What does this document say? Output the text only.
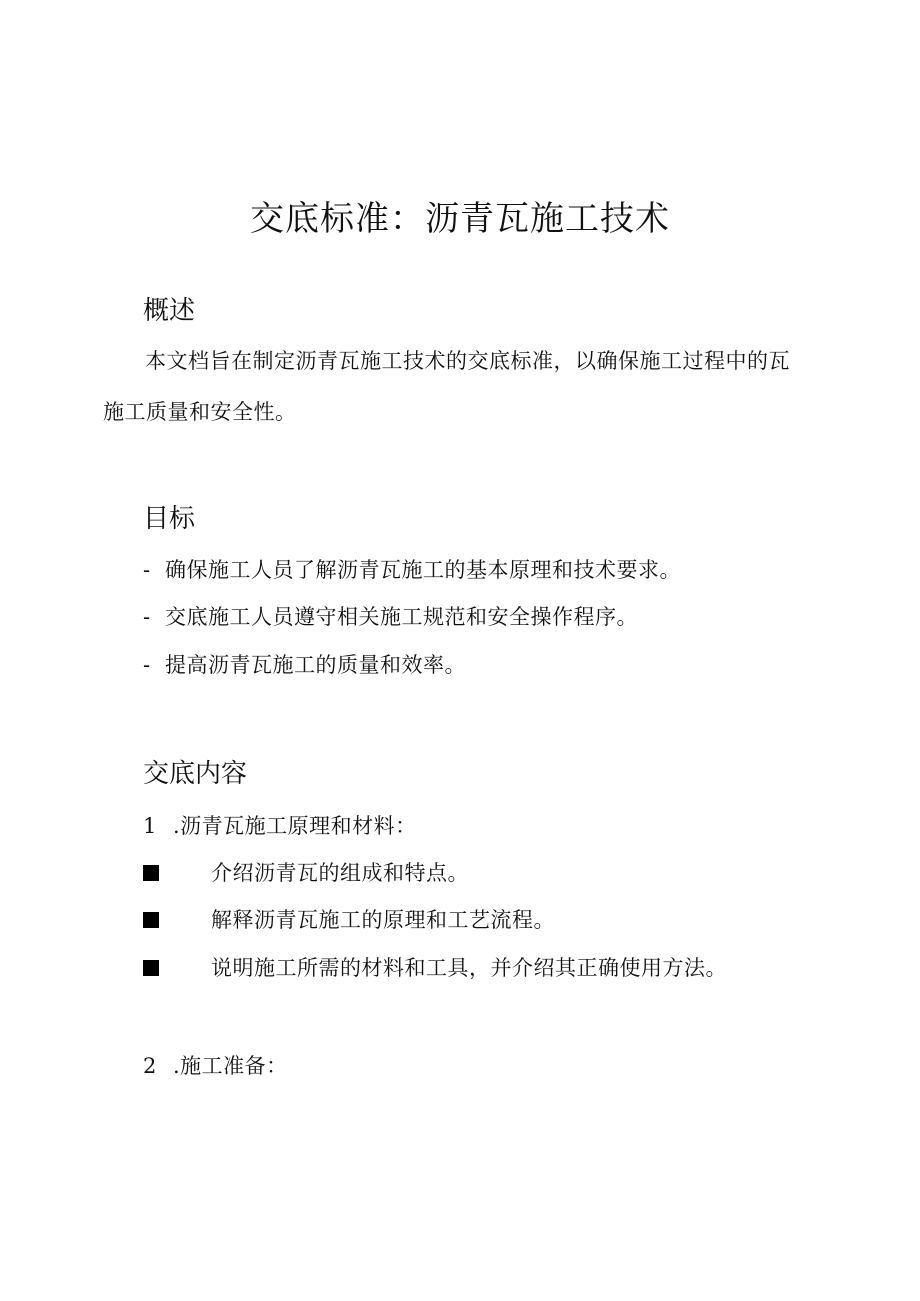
交底标准：沥青瓦施工技术
概述
本文档旨在制定沥青瓦施工技术的交底标准，以确保施工过程中的瓦施工质量和安全性。
目标
- 确保施工人员了解沥青瓦施工的基本原理和技术要求。
- 交底施工人员遵守相关施工规范和安全操作程序。
- 提高沥青瓦施工的质量和效率。
交底内容
1 .沥青瓦施工原理和材料：
介绍沥青瓦的组成和特点。
解释沥青瓦施工的原理和工艺流程。
说明施工所需的材料和工具，并介绍其正确使用方法。
2 .施工准备：
